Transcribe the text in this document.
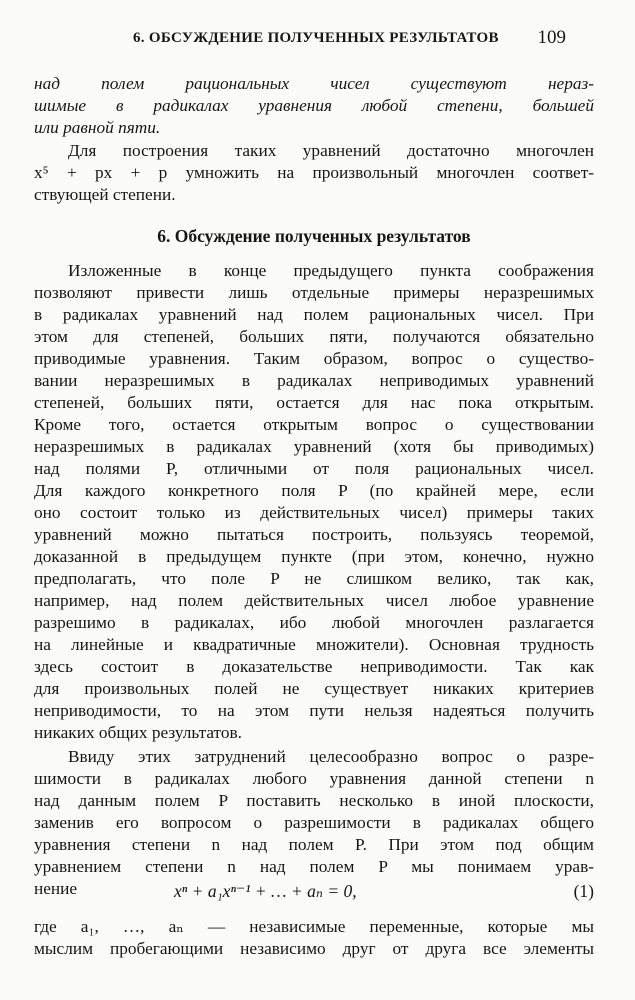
6. ОБСУЖДЕНИЕ ПОЛУЧЕННЫХ РЕЗУЛЬТАТОВ 109
над полем рациональных чисел существуют нераз-
шимые в радикалах уравнения любой степени, большей
или равной пяти.
Для построения таких уравнений достаточно многочлен
x⁵ + px + p умножить на произвольный многочлен соответ-
ствующей степени.
6. Обсуждение полученных результатов
Изложенные в конце предыдущего пункта соображения
позволяют привести лишь отдельные примеры неразрешимых
в радикалах уравнений над полем рациональных чисел. При
этом для степеней, больших пяти, получаются обязательно
приводимые уравнения. Таким образом, вопрос о существо-
вании неразрешимых в радикалах неприводимых уравнений
степеней, больших пяти, остается для нас пока открытым.
Кроме того, остается открытым вопрос о существовании
неразрешимых в радикалах уравнений (хотя бы приводимых)
над полями P, отличными от поля рациональных чисел.
Для каждого конкретного поля P (по крайней мере, если
оно состоит только из действительных чисел) примеры таких
уравнений можно пытаться построить, пользуясь теоремой,
доказанной в предыдущем пункте (при этом, конечно, нужно
предполагать, что поле P не слишком велико, так как,
например, над полем действительных чисел любое уравнение
разрешимо в радикалах, ибо любой многочлен разлагается
на линейные и квадратичные множители). Основная трудность
здесь состоит в доказательстве неприводимости. Так как
для произвольных полей не существует никаких критериев
неприводимости, то на этом пути нельзя надеяться получить
никаких общих результатов.
Ввиду этих затруднений целесообразно вопрос о разре-
шимости в радикалах любого уравнения данной степени n
над данным полем P поставить несколько в иной плоскости,
заменив его вопросом о разрешимости в радикалах общего
уравнения степени n над полем P. При этом под общим
уравнением степени n над полем P мы понимаем урав-
нение	xⁿ + a₁xⁿ⁻¹ + … + aₙ = 0,	(1)
где a₁, …, aₙ — независимые переменные, которые мы
мыслим пробегающими независимо друг от друга все элементы
